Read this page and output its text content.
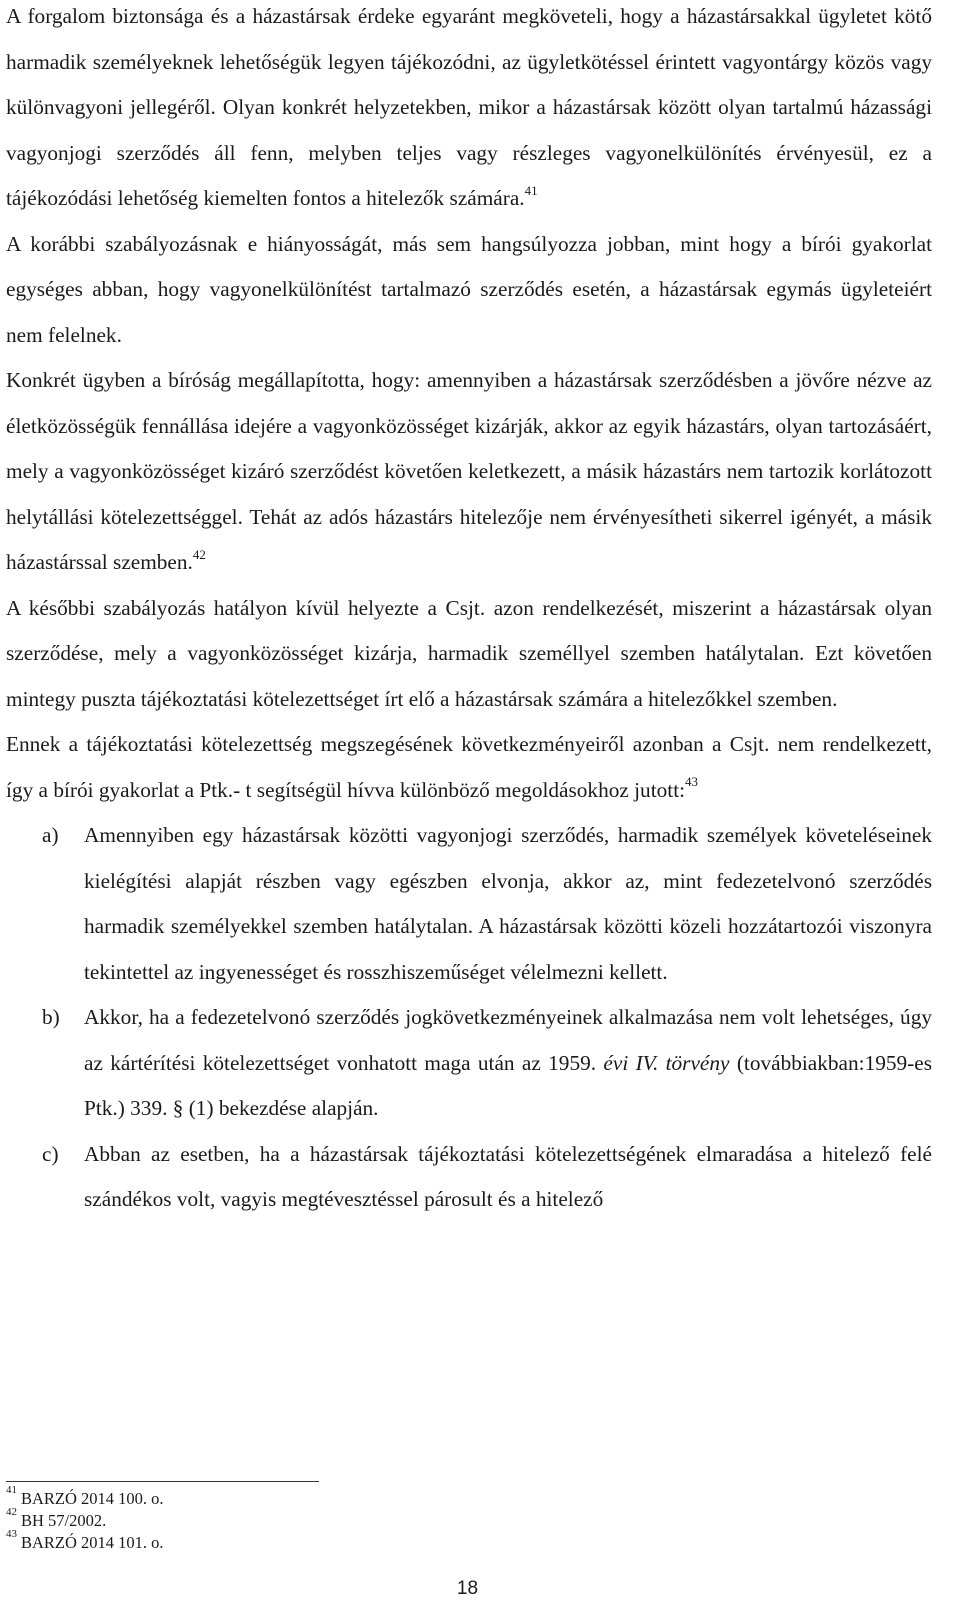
A forgalom biztonsága és a házastársak érdeke egyaránt megköveteli, hogy a házastársakkal ügyletet kötő harmadik személyeknek lehetőségük legyen tájékozódni, az ügyletkötéssel érintett vagyontárgy közös vagy különvagyoni jellegéről. Olyan konkrét helyzetekben, mikor a házastársak között olyan tartalmú házassági vagyonjogi szerződés áll fenn, melyben teljes vagy részleges vagyonelkülönítés érvényesül, ez a tájékozódási lehetőség kiemelten fontos a hitelezők számára.$^{41}$

A korábbi szabályozásnak e hiányosságát, más sem hangsúlyozza jobban, mint hogy a bírói gyakorlat egységes abban, hogy vagyonelkülönítést tartalmazó szerződés esetén, a házastársak egymás ügyleteiért nem felelnek.

Konkrét ügyben a bíróság megállapította, hogy: amennyiben a házastársak szerződésben a jövőre nézve az életközösségük fennállása idejére a vagyonközösséget kizárják, akkor az egyik házastárs, olyan tartozásáért, mely a vagyonközösséget kizáró szerződést követően keletkezett, a másik házastárs nem tartozik korlátozott helytállási kötelezettséggel. Tehát az adós házastárs hitelezője nem érvényesítheti sikerrel igényét, a másik házastárssal szemben.$^{42}$

A későbbi szabályozás hatályon kívül helyezte a Csjt. azon rendelkezését, miszerint a házastársak olyan szerződése, mely a vagyonközösséget kizárja, harmadik személlyel szemben hatálytalan. Ezt követően mintegy puszta tájékoztatási kötelezettséget írt elő a házastársak számára a hitelezőkkel szemben.

Ennek a tájékoztatási kötelezettség megszegésének következményeiről azonban a Csjt. nem rendelkezett, így a bírói gyakorlat a Ptk.- t segítségül hívva különböző megoldásokhoz jutott:$^{43}$

a) Amennyiben egy házastársak közötti vagyonjogi szerződés, harmadik személyek követeléseinek kielégítési alapját részben vagy egészben elvonja, akkor az, mint fedezetelvonó szerződés harmadik személyekkel szemben hatálytalan. A házastársak közötti közeli hozzátartozói viszonyra tekintettel az ingyenességet és rosszhiszeműséget vélelmezni kellett.

b) Akkor, ha a fedezetelvonó szerződés jogkövetkezményeinek alkalmazása nem volt lehetséges, úgy az kártérítési kötelezettséget vonhatott maga után az 1959. évi IV. törvény (továbbiakban:1959-es Ptk.) 339. § (1) bekezdése alapján.

c) Abban az esetben, ha a házastársak tájékoztatási kötelezettségének elmaradása a hitelező felé szándékos volt, vagyis megtévesztéssel párosult és a hitelező

$^{41}$ BARZÓ 2014 100. o.
$^{42}$ BH 57/2002.
$^{43}$ BARZÓ 2014 101. o.
18
